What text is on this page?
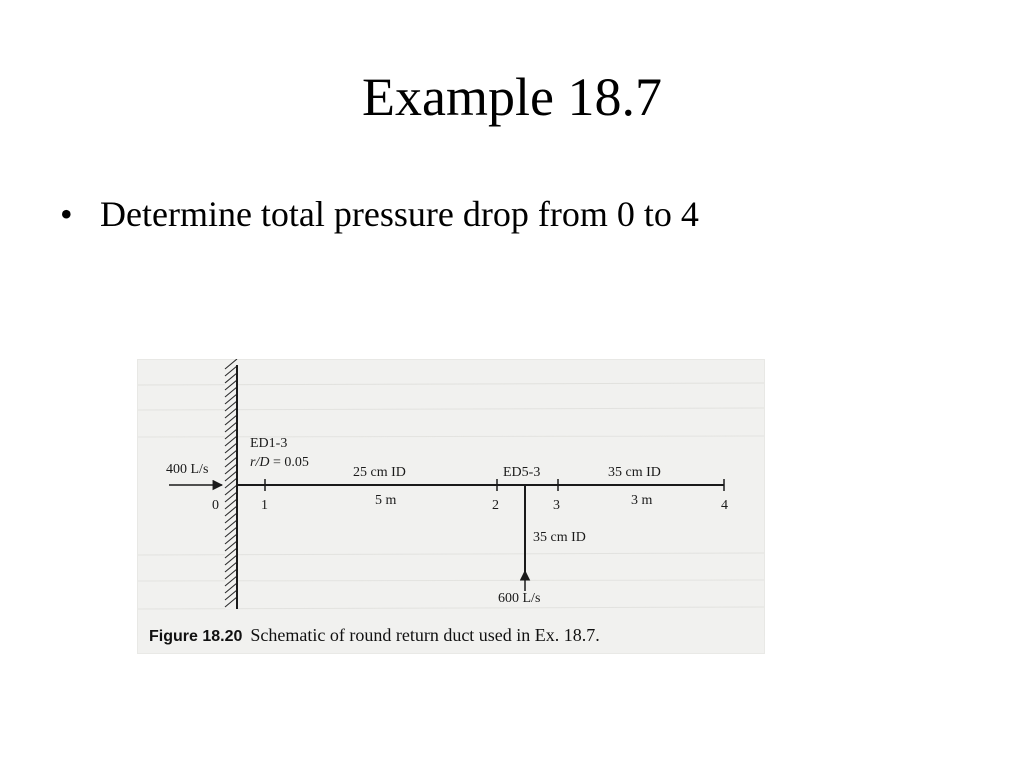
Example 18.7
• Determine total pressure drop from 0 to 4
ED1-3
r/D = 0.05
400 L/s	25 cm ID
5 m
ED5-3	35 cm ID
3 m
35 cm ID
600 L/s
0	1	2	3	4
Figure 18.20 Schematic of round return duct used in Ex. 18.7.
